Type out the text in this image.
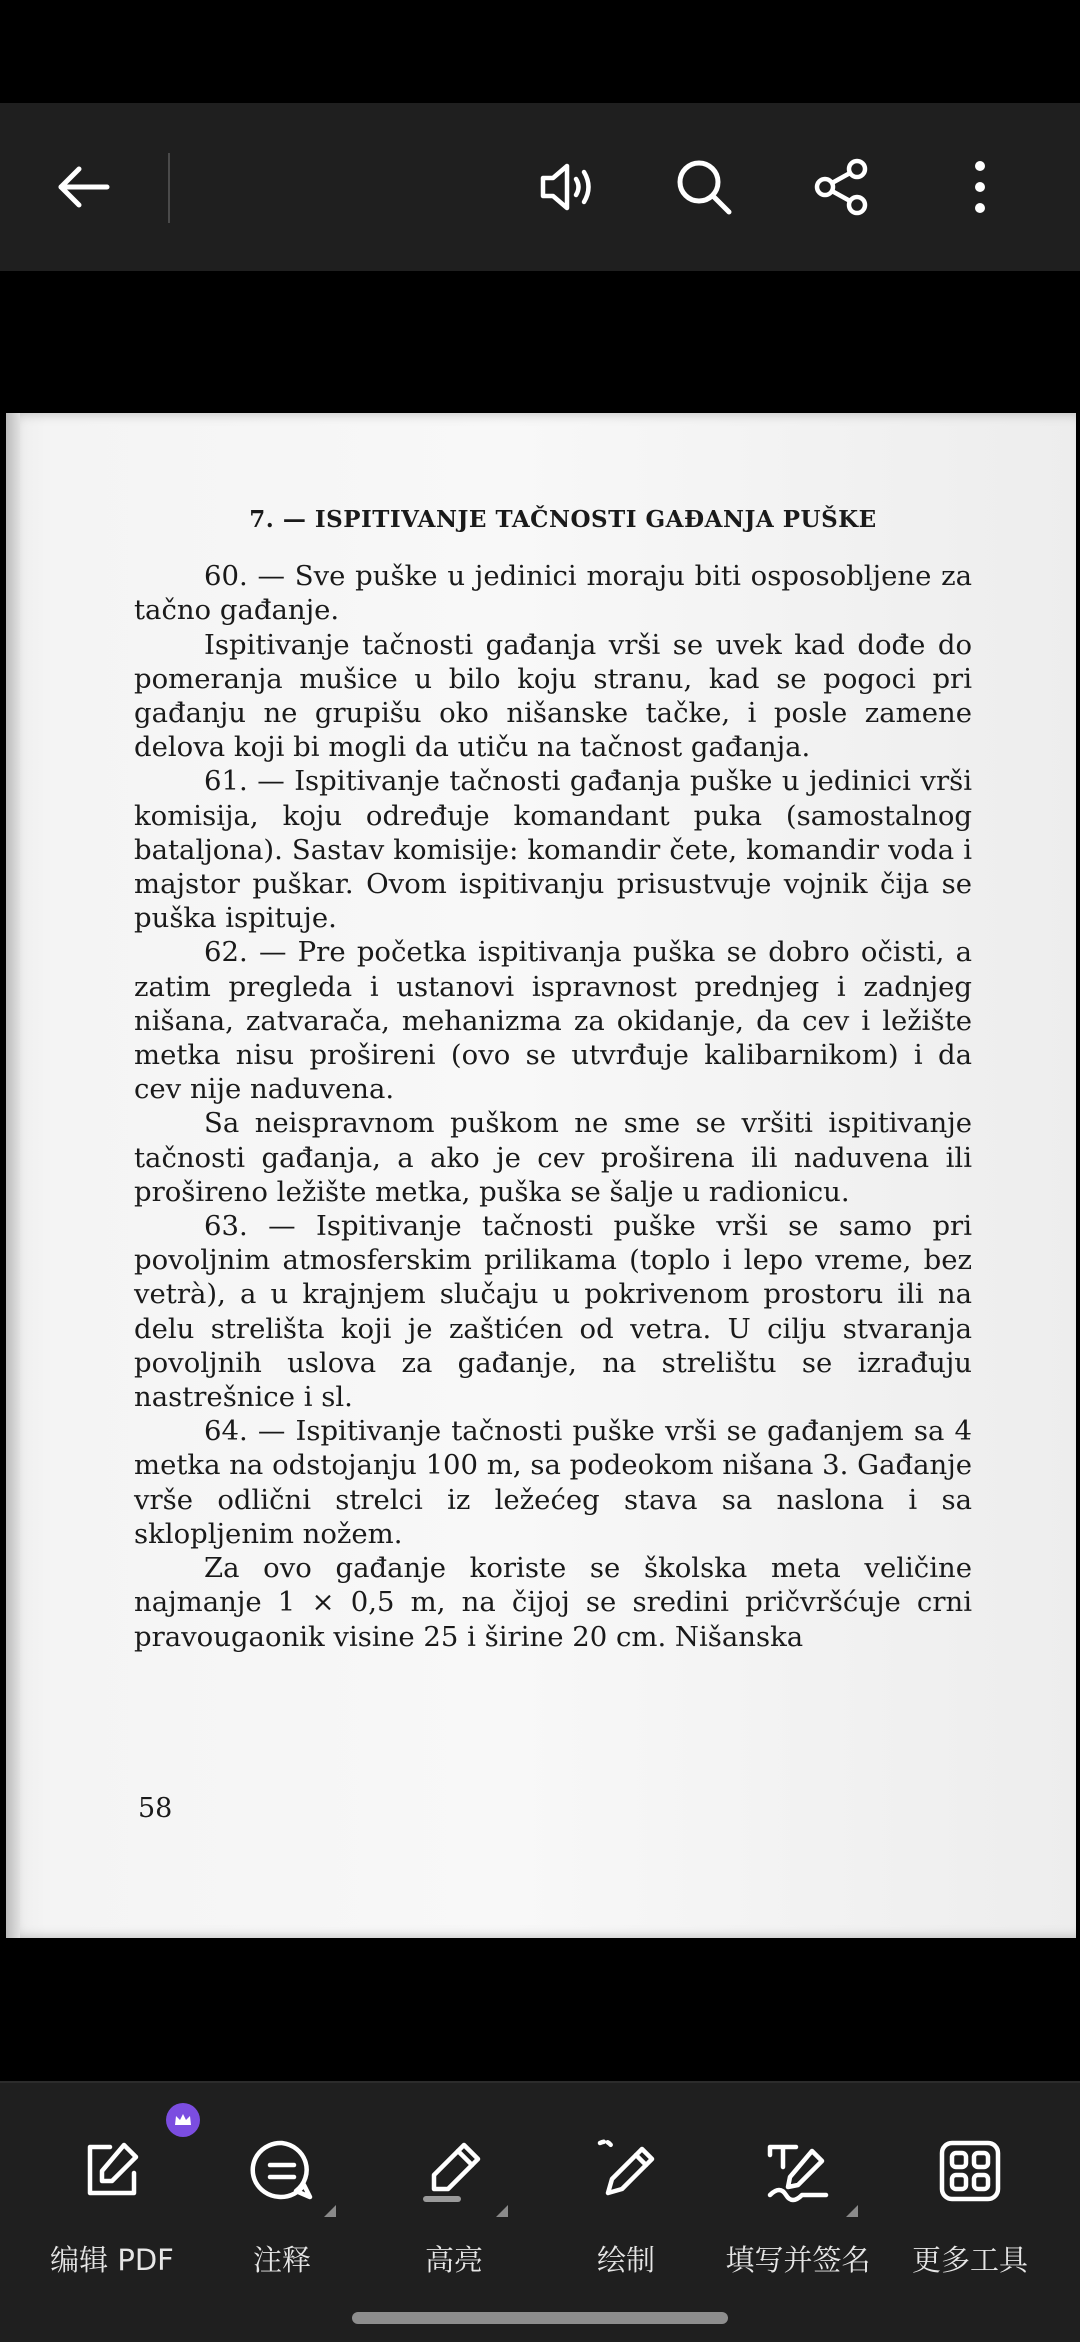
7. — ISPITIVANJE TAČNOSTI GAĐANJA PUŠKE

60. — Sve puške u jedinici moraju biti osposobljene za tačno gađanje.

Ispitivanje tačnosti gađanja vrši se uvek kad dođe do pomeranja mušice u bilo koju stranu, kad se pogoci pri gađanju ne grupišu oko nišanske tačke, i posle zamene delova koji bi mogli da utiču na tačnost gađanja.

61. — Ispitivanje tačnosti gađanja puške u jedinici vrši komisija, koju određuje komandant puka (samostalnog bataljona). Sastav komisije: komandir čete, komandir voda i majstor puškar. Ovom ispitivanju prisustvuje vojnik čija se puška ispituje.

62. — Pre početka ispitivanja puška se dobro očisti, a zatim pregleda i ustanovi ispravnost prednjeg i zadnjeg nišana, zatvarača, mehanizma za okidanje, da cev i ležište metka nisu prošireni (ovo se utvrđuje kalibarnikom) i da cev nije naduvena.

Sa neispravnom puškom ne sme se vršiti ispitivanje tačnosti gađanja, a ako je cev proširena ili naduvena ili prošireno ležište metka, puška se šalje u radionicu.

63. — Ispitivanje tačnosti puške vrši se samo pri povoljnim atmosferskim prilikama (toplo i lepo vreme, bez vetrà), a u krajnjem slučaju u pokrivenom prostoru ili na delu strelišta koji je zaštićen od vetra. U cilju stvaranja povoljnih uslova za gađanje, na strelištu se izrađuju nastrešnice i sl.

64. — Ispitivanje tačnosti puške vrši se gađanjem sa 4 metka na odstojanju 100 m, sa podeokom nišana 3. Gađanje vrše odlični strelci iz ležećeg stava sa naslona i sa sklopljenim nožem.

Za ovo gađanje koriste se školska meta veličine najmanje 1 × 0,5 m, na čijoj se sredini pričvršćuje crni pravougaonik visine 25 i širine 20 cm. Nišanska

58
编辑 PDF	注释	高亮	绘制	填写并签名	更多工具
